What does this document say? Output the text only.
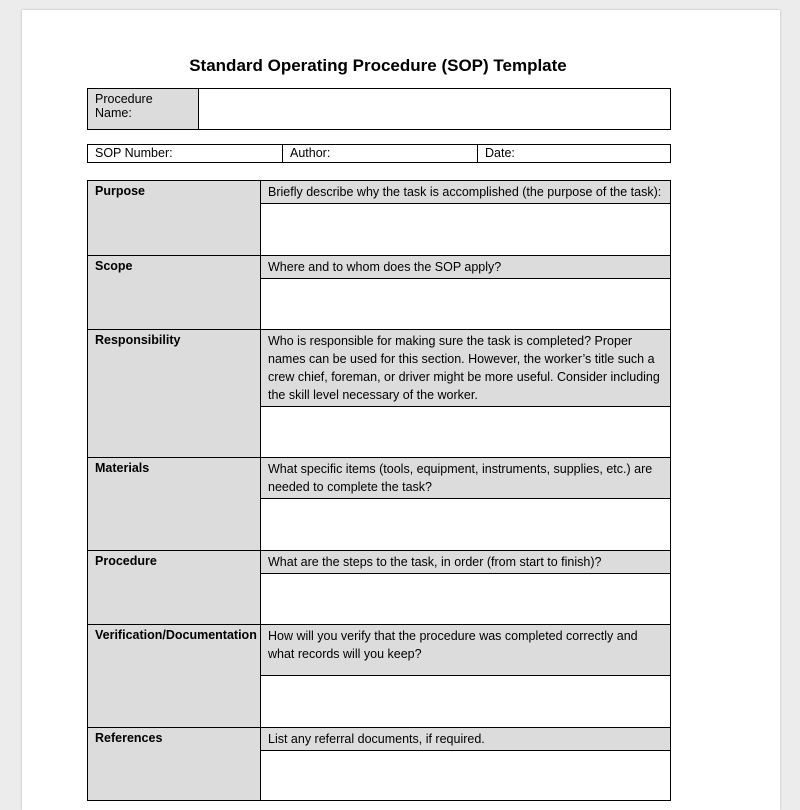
Standard Operating Procedure (SOP) Template
Procedure Name:	
SOP Number:	Author:	Date:
Purpose	Briefly describe why the task is accomplished (the purpose of the task):

Scope	Where and to whom does the SOP apply?

Responsibility	Who is responsible for making sure the task is completed? Proper names can be used for this section. However, the worker’s title such a crew chief, foreman, or driver might be more useful. Consider including the skill level necessary of the worker.

Materials	What specific items (tools, equipment, instruments, supplies, etc.) are needed to complete the task?

Procedure	What are the steps to the task, in order (from start to finish)?

Verification/Documentation	How will you verify that the procedure was completed correctly and what records will you keep?

References	List any referral documents, if required.
